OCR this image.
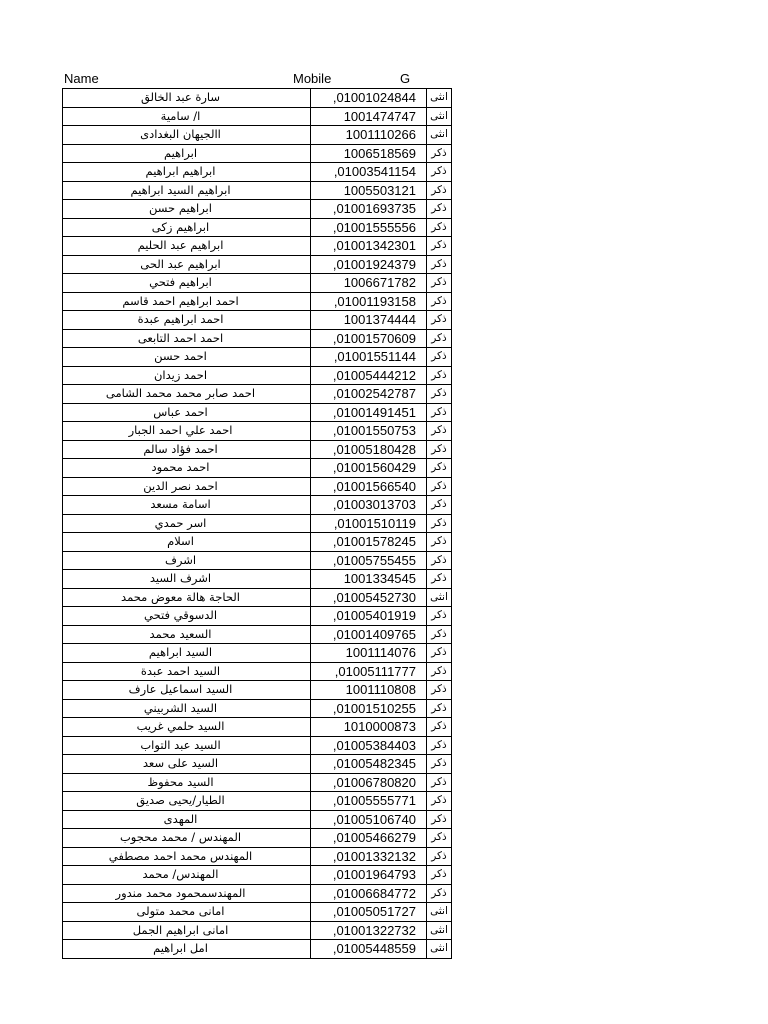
Name	Mobile	G
سارة عبد الخالق	,01001024844	انثى
ا/ سامية	1001474747	انثى
االجيهان البغدادى	1001110266	انثى
ابراهيم	1006518569	ذكر
ابراهيم ابراهيم	,01003541154	ذكر
ابراهيم السيد ابراهيم	1005503121	ذكر
ابراهيم حسن	,01001693735	ذكر
ابراهيم زكى	,01001555556	ذكر
ابراهيم عبد الحليم	,01001342301	ذكر
ابراهيم عبد الحى	,01001924379	ذكر
ابراهيم فتحي	1006671782	ذكر
احمد ابراهيم احمد قاسم	,01001193158	ذكر
احمد ابراهيم عبدة	1001374444	ذكر
احمد احمد التابعى	,01001570609	ذكر
احمد حسن	,01001551144	ذكر
احمد زيدان	,01005444212	ذكر
احمد صابر محمد محمد الشامى	,01002542787	ذكر
احمد عباس	,01001491451	ذكر
احمد علي احمد الجبار	,01001550753	ذكر
احمد فؤاد سالم	,01005180428	ذكر
احمد محمود	,01001560429	ذكر
احمد نصر الدين	,01001566540	ذكر
اسامة مسعد	,01003013703	ذكر
اسر حمدي	,01001510119	ذكر
اسلام	,01001578245	ذكر
اشرف	,01005755455	ذكر
اشرف السيد	1001334545	ذكر
الحاجة هالة معوض محمد	,01005452730	انثى
الدسوقي فتحي	,01005401919	ذكر
السعيد محمد	,01001409765	ذكر
السيد ابراهيم	1001114076	ذكر
السيد احمد عبدة	,01005111777	ذكر
السيد اسماعيل عارف	1001110808	ذكر
السيد الشربيني	,01001510255	ذكر
السيد حلمي غريب	1010000873	ذكر
السيد عبد التواب	,01005384403	ذكر
السيد على سعد	,01005482345	ذكر
السيد محفوظ	,01006780820	ذكر
الطيار/يحيى صديق	,01005555771	ذكر
المهدى	,01005106740	ذكر
المهندس / محمد محجوب	,01005466279	ذكر
المهندس محمد احمد مصطفي	,01001332132	ذكر
المهندس/ محمد	,01001964793	ذكر
المهندسمحمود محمد مندور	,01006684772	ذكر
امانى محمد متولى	,01005051727	انثى
امانى ابراهيم الجمل	,01001322732	انثى
امل ابراهيم	,01005448559	انثى
